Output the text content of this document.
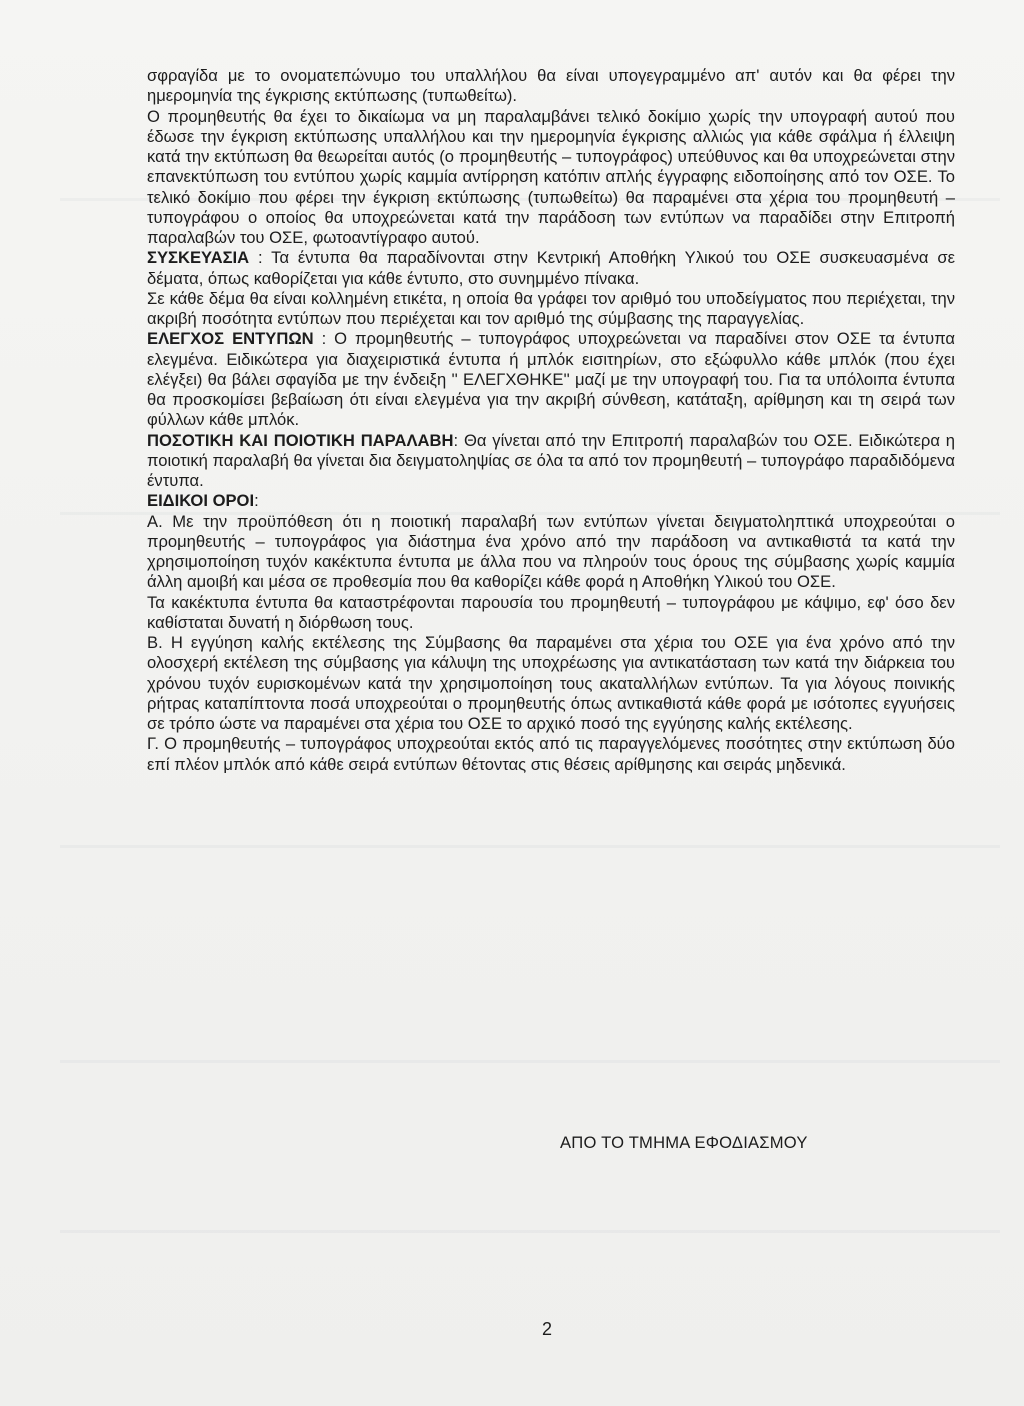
σφραγίδα με το ονοματεπώνυμο του υπαλλήλου θα είναι υπογεγραμμένο απ' αυτόν και θα φέρει την ημερομηνία της έγκρισης εκτύπωσης (τυπωθείτω).

Ο προμηθευτής θα έχει το δικαίωμα να μη παραλαμβάνει τελικό δοκίμιο χωρίς την υπογραφή αυτού που έδωσε την έγκριση εκτύπωσης υπαλλήλου και την ημερομηνία έγκρισης αλλιώς για κάθε σφάλμα ή έλλειψη κατά την εκτύπωση θα θεωρείται αυτός (ο προμηθευτής – τυπογράφος) υπεύθυνος και θα υποχρεώνεται στην επανεκτύπωση του εντύπου χωρίς καμμία αντίρρηση κατόπιν απλής έγγραφης ειδοποίησης από τον ΟΣΕ. Το τελικό δοκίμιο που φέρει την έγκριση εκτύπωσης (τυπωθείτω) θα παραμένει στα χέρια του προμηθευτή – τυπογράφου ο οποίος θα υποχρεώνεται κατά την παράδοση των εντύπων να παραδίδει στην Επιτροπή παραλαβών του ΟΣΕ, φωτοαντίγραφο αυτού.

ΣΥΣΚΕΥΑΣΙΑ : Τα έντυπα θα παραδίνονται στην Κεντρική Αποθήκη Υλικού του ΟΣΕ συσκευασμένα σε δέματα, όπως καθορίζεται για κάθε έντυπο, στο συνημμένο πίνακα.

Σε κάθε δέμα θα είναι κολλημένη ετικέτα, η οποία θα γράφει τον αριθμό του υποδείγματος που περιέχεται, την ακριβή ποσότητα εντύπων που περιέχεται και τον αριθμό της σύμβασης της παραγγελίας.

ΕΛΕΓΧΟΣ ΕΝΤΥΠΩΝ : Ο προμηθευτής – τυπογράφος υποχρεώνεται να παραδίνει στον ΟΣΕ τα έντυπα ελεγμένα. Ειδικώτερα για διαχειριστικά έντυπα ή μπλόκ εισιτηρίων, στο εξώφυλλο κάθε μπλόκ (που έχει ελέγξει) θα βάλει σφαγίδα με την ένδειξη '' ΕΛΕΓΧΘΗΚΕ'' μαζί με την υπογραφή του. Για τα υπόλοιπα έντυπα θα προσκομίσει βεβαίωση ότι είναι ελεγμένα για την ακριβή σύνθεση, κατάταξη, αρίθμηση και τη σειρά των φύλλων κάθε μπλόκ.

ΠΟΣΟΤΙΚΗ ΚΑΙ ΠΟΙΟΤΙΚΗ ΠΑΡΑΛΑΒΗ: Θα γίνεται από την Επιτροπή παραλαβών του ΟΣΕ. Ειδικώτερα η ποιοτική παραλαβή θα γίνεται δια δειγματοληψίας σε όλα τα από τον προμηθευτή – τυπογράφο παραδιδόμενα έντυπα.

ΕΙΔΙΚΟΙ ΟΡΟΙ:

Α. Με την προϋπόθεση ότι η ποιοτική παραλαβή των εντύπων γίνεται δειγματοληπτικά υποχρεούται ο προμηθευτής – τυπογράφος για διάστημα ένα χρόνο από την παράδοση να αντικαθιστά τα κατά την χρησιμοποίηση τυχόν κακέκτυπα έντυπα με άλλα που να πληρούν τους όρους της σύμβασης χωρίς καμμία άλλη αμοιβή και μέσα σε προθεσμία που θα καθορίζει κάθε φορά η Αποθήκη Υλικού του ΟΣΕ.

Τα κακέκτυπα έντυπα θα καταστρέφονται παρουσία του προμηθευτή – τυπογράφου με κάψιμο, εφ' όσο δεν καθίσταται δυνατή η διόρθωση τους.

Β. Η εγγύηση καλής εκτέλεσης της Σύμβασης θα παραμένει στα χέρια του ΟΣΕ για ένα χρόνο από την ολοσχερή εκτέλεση της σύμβασης για κάλυψη της υποχρέωσης για αντικατάσταση των κατά την διάρκεια του χρόνου τυχόν ευρισκομένων κατά την χρησιμοποίηση τους ακαταλλήλων εντύπων. Τα για λόγους ποινικής ρήτρας καταπίπτοντα ποσά υποχρεούται ο προμηθευτής όπως αντικαθιστά κάθε φορά με ισότοπες εγγυήσεις σε τρόπο ώστε να παραμένει στα χέρια του ΟΣΕ το αρχικό ποσό της εγγύησης καλής εκτέλεσης.

Γ. Ο προμηθευτής – τυπογράφος υποχρεούται εκτός από τις παραγγελόμενες ποσότητες στην εκτύπωση δύο επί πλέον μπλόκ από κάθε σειρά εντύπων θέτοντας στις θέσεις αρίθμησης και σειράς μηδενικά.

ΑΠΟ ΤΟ ΤΜΗΜΑ ΕΦΟΔΙΑΣΜΟΥ
2
